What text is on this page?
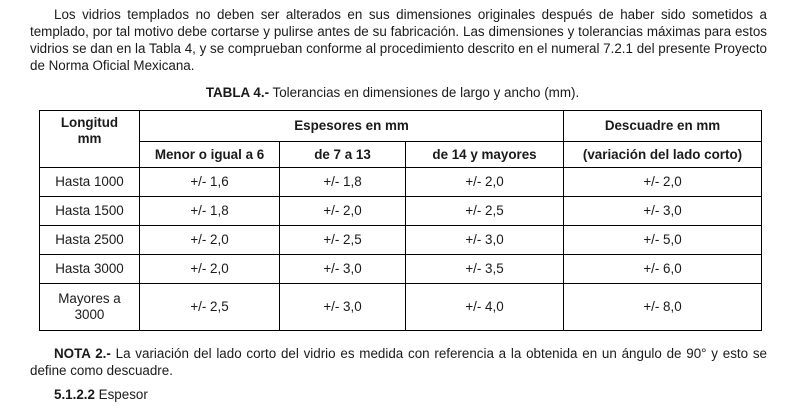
Los vidrios templados no deben ser alterados en sus dimensiones originales después de haber sido sometidos a templado, por tal motivo debe cortarse y pulirse antes de su fabricación. Las dimensiones y tolerancias máximas para estos vidrios se dan en la Tabla 4, y se comprueban conforme al procedimiento descrito en el numeral 7.2.1 del presente Proyecto de Norma Oficial Mexicana.

TABLA 4.- Tolerancias en dimensiones de largo y ancho (mm).
Longitud mm	Espesores en mm			Descuadre en mm
	Menor o igual a 6	de 7 a 13	de 14 y mayores	(variación del lado corto)
Hasta 1000	+/- 1,6	+/- 1,8	+/- 2,0	+/- 2,0
Hasta 1500	+/- 1,8	+/- 2,0	+/- 2,5	+/- 3,0
Hasta 2500	+/- 2,0	+/- 2,5	+/- 3,0	+/- 5,0
Hasta 3000	+/- 2,0	+/- 3,0	+/- 3,5	+/- 6,0
Mayores a 3000	+/- 2,5	+/- 3,0	+/- 4,0	+/- 8,0

NOTA 2.- La variación del lado corto del vidrio es medida con referencia a la obtenida en un ángulo de 90° y esto se define como descuadre.

5.1.2.2 Espesor
